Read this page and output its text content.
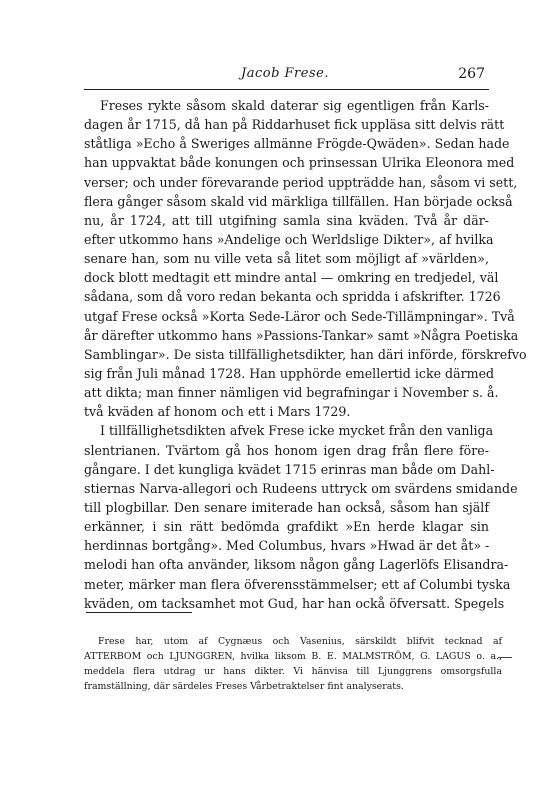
Jacob Frese.	267
Freses rykte såsom skald daterar sig egentligen från Karls-
dagen år 1715, då han på Riddarhuset fick uppläsa sitt delvis rätt
ståtliga »Echo å Sweriges allmänne Frögde-Qwäden». Sedan hade
han uppvaktat både konungen och prinsessan Ulrika Eleonora med
verser; och under förevarande period uppträdde han, såsom vi sett,
flera gånger såsom skald vid märkliga tillfällen. Han började också
nu, år 1724, att till utgifning samla sina kväden. Två år där-
efter utkommo hans »Andelige och Werldslige Dikter», af hvilka
senare han, som nu ville veta så litet som möjligt af »världen»,
dock blott medtagit ett mindre antal — omkring en tredjedel, väl
sådana, som då voro redan bekanta och spridda i afskrifter. 1726
utgaf Frese också »Korta Sede-Läror och Sede-Tillämpningar». Två
år därefter utkommo hans »Passions-Tankar» samt »Några Poetiska
Samblingar». De sista tillfällighetsdikter, han däri införde, förskrefvo
sig från Juli månad 1728. Han upphörde emellertid icke därmed
att dikta; man finner nämligen vid begrafningar i November s. å.
två kväden af honom och ett i Mars 1729.
I tillfällighetsdikten afvek Frese icke mycket från den vanliga
slentrianen. Tvärtom gå hos honom igen drag från flere före-
gångare. I det kungliga kvädet 1715 erinras man både om Dahl-
stiernas Narva-allegori och Rudeens uttryck om svärdens smidande
till plogbillar. Den senare imiterade han också, såsom han själf
erkänner, i sin rätt bedömda grafdikt »En herde klagar sin
herdinnas bortgång». Med Columbus, hvars »Hwad är det åt» -
melodi han ofta använder, liksom någon gång Lagerlöfs Elisandra-
meter, märker man flera öfverensstämmelser; ett af Columbi tyska
kväden, om tacksamhet mot Gud, har han ockå öfversatt. Spegels
Frese har, utom af Cygnæus och Vasenius, särskildt blifvit tecknad af
ATTERBOM och LJUNGGREN, hvilka liksom B. E. MALMSTRÖM, G. LAGUS o. a.,
meddela flera utdrag ur hans dikter. Vi hänvisa till Ljunggrens omsorgsfulla
framställning, där särdeles Freses Vårbetraktelser fint analyserats.
